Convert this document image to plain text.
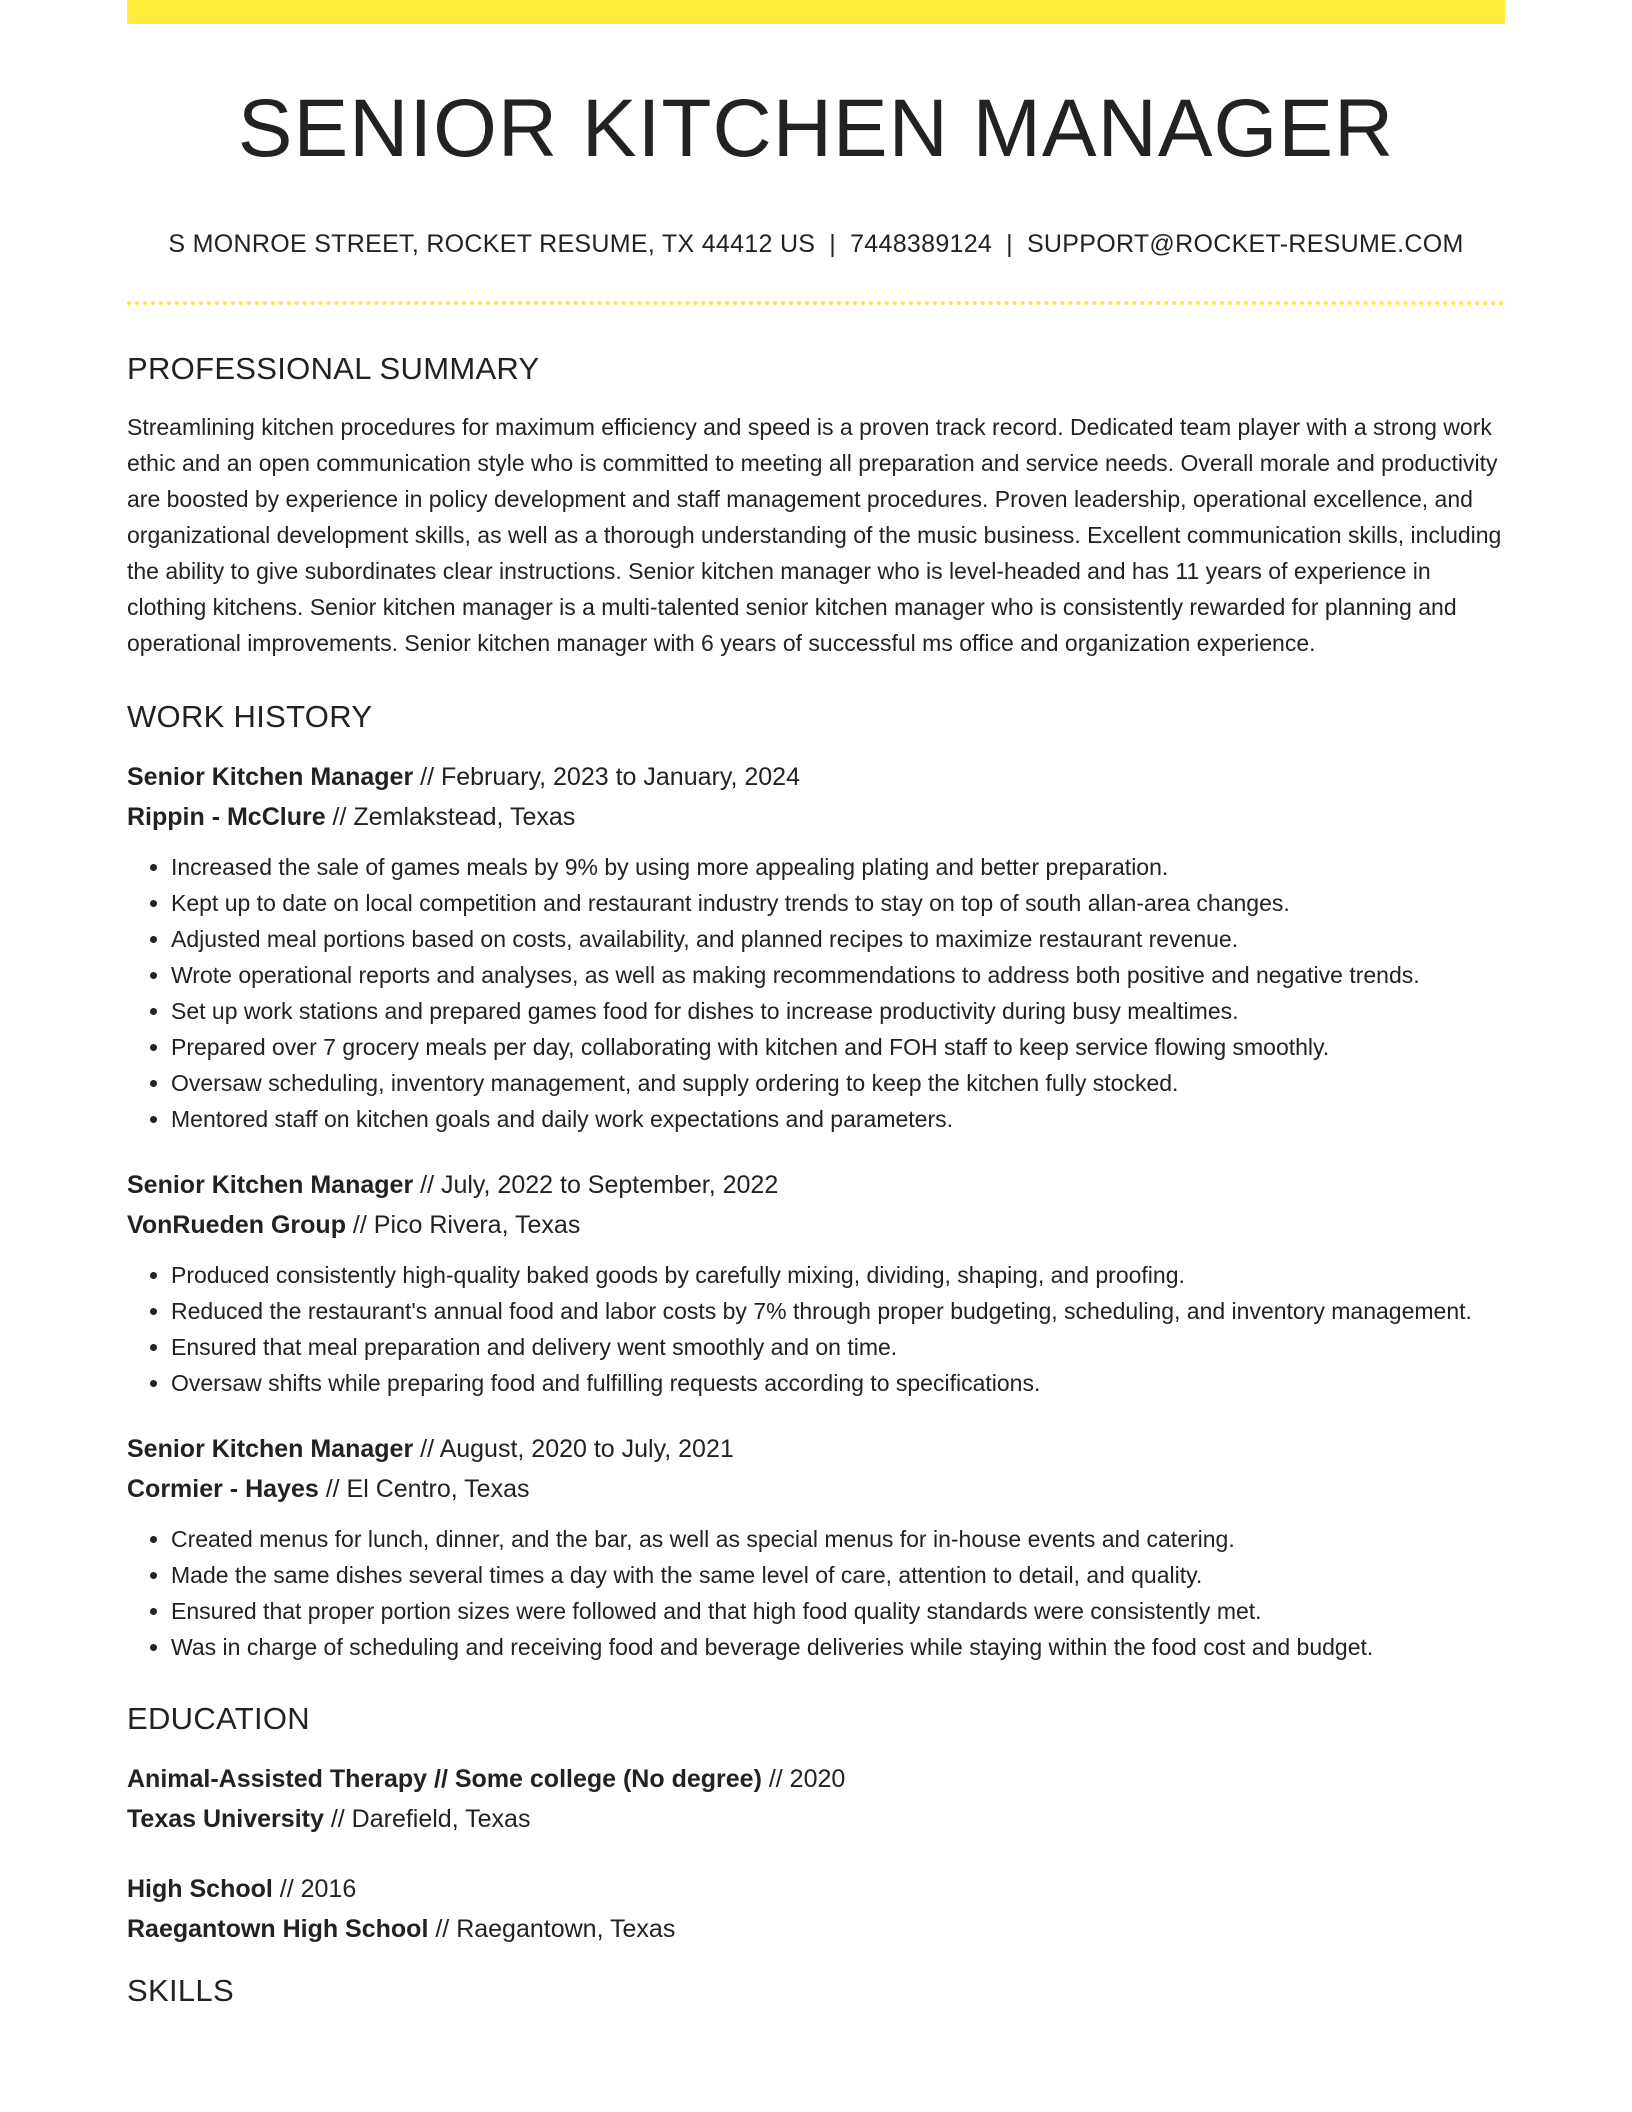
SENIOR KITCHEN MANAGER
S MONROE STREET, ROCKET RESUME, TX 44412 US | 7448389124 | SUPPORT@ROCKET-RESUME.COM
PROFESSIONAL SUMMARY
Streamlining kitchen procedures for maximum efficiency and speed is a proven track record. Dedicated team player with a strong work ethic and an open communication style who is committed to meeting all preparation and service needs. Overall morale and productivity are boosted by experience in policy development and staff management procedures. Proven leadership, operational excellence, and organizational development skills, as well as a thorough understanding of the music business. Excellent communication skills, including the ability to give subordinates clear instructions. Senior kitchen manager who is level-headed and has 11 years of experience in clothing kitchens. Senior kitchen manager is a multi-talented senior kitchen manager who is consistently rewarded for planning and operational improvements. Senior kitchen manager with 6 years of successful ms office and organization experience.
WORK HISTORY
Senior Kitchen Manager // February, 2023 to January, 2024
Rippin - McClure // Zemlakstead, Texas
• Increased the sale of games meals by 9% by using more appealing plating and better preparation.
• Kept up to date on local competition and restaurant industry trends to stay on top of south allan-area changes.
• Adjusted meal portions based on costs, availability, and planned recipes to maximize restaurant revenue.
• Wrote operational reports and analyses, as well as making recommendations to address both positive and negative trends.
• Set up work stations and prepared games food for dishes to increase productivity during busy mealtimes.
• Prepared over 7 grocery meals per day, collaborating with kitchen and FOH staff to keep service flowing smoothly.
• Oversaw scheduling, inventory management, and supply ordering to keep the kitchen fully stocked.
• Mentored staff on kitchen goals and daily work expectations and parameters.
Senior Kitchen Manager // July, 2022 to September, 2022
VonRueden Group // Pico Rivera, Texas
• Produced consistently high-quality baked goods by carefully mixing, dividing, shaping, and proofing.
• Reduced the restaurant's annual food and labor costs by 7% through proper budgeting, scheduling, and inventory management.
• Ensured that meal preparation and delivery went smoothly and on time.
• Oversaw shifts while preparing food and fulfilling requests according to specifications.
Senior Kitchen Manager // August, 2020 to July, 2021
Cormier - Hayes // El Centro, Texas
• Created menus for lunch, dinner, and the bar, as well as special menus for in-house events and catering.
• Made the same dishes several times a day with the same level of care, attention to detail, and quality.
• Ensured that proper portion sizes were followed and that high food quality standards were consistently met.
• Was in charge of scheduling and receiving food and beverage deliveries while staying within the food cost and budget.
EDUCATION
Animal-Assisted Therapy // Some college (No degree) // 2020
Texas University // Darefield, Texas
High School // 2016
Raegantown High School // Raegantown, Texas
SKILLS
